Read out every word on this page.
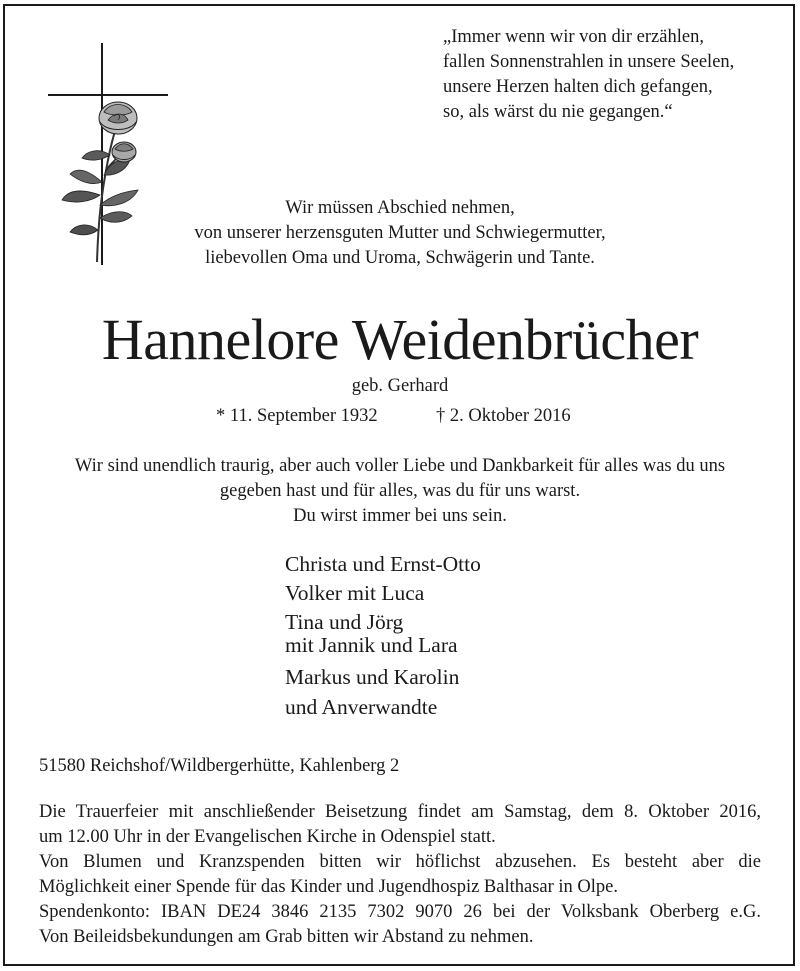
„Immer wenn wir von dir erzählen,
fallen Sonnenstrahlen in unsere Seelen,
unsere Herzen halten dich gefangen,
so, als wärst du nie gegangen.“
Wir müssen Abschied nehmen,
von unserer herzensguten Mutter und Schwiegermutter,
liebevollen Oma und Uroma, Schwägerin und Tante.
Hannelore Weidenbrücher
geb. Gerhard
* 11. September 1932	† 2. Oktober 2016
Wir sind unendlich traurig, aber auch voller Liebe und Dankbarkeit für alles was du uns
gegeben hast und für alles, was du für uns warst.
Du wirst immer bei uns sein.
Christa und Ernst-Otto
Volker mit Luca
Tina und Jörg
mit Jannik und Lara
Markus und Karolin
und Anverwandte
51580 Reichshof/Wildbergerhütte, Kahlenberg 2
Die Trauerfeier mit anschließender Beisetzung findet am Samstag, dem 8. Oktober 2016,
um 12.00 Uhr in der Evangelischen Kirche in Odenspiel statt.
Von Blumen und Kranzspenden bitten wir höflichst abzusehen. Es besteht aber die
Möglichkeit einer Spende für das Kinder und Jugendhospiz Balthasar in Olpe.
Spendenkonto: IBAN DE24 3846 2135 7302 9070 26 bei der Volksbank Oberberg e.G.
Von Beileidsbekundungen am Grab bitten wir Abstand zu nehmen.
